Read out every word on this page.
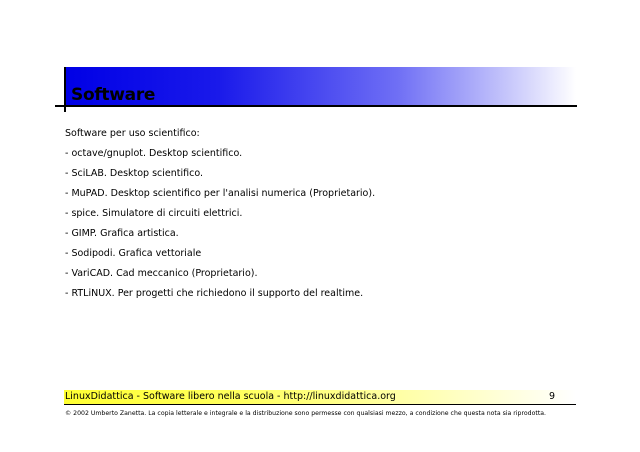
Software
Software per uso scientifico:
- octave/gnuplot. Desktop scientifico.
- SciLAB. Desktop scientifico.
- MuPAD. Desktop scientifico per l'analisi numerica (Proprietario).
- spice. Simulatore di circuiti elettrici.
- GIMP. Grafica artistica.
- Sodipodi. Grafica vettoriale
- VariCAD. Cad meccanico (Proprietario).
- RTLiNUX. Per progetti che richiedono il supporto del realtime.
LinuxDidattica - Software libero nella scuola - http://linuxdidattica.org	9
© 2002 Umberto Zanetta. La copia letterale e integrale e la distribuzione sono permesse con qualsiasi mezzo, a condizione che questa nota sia riprodotta.
